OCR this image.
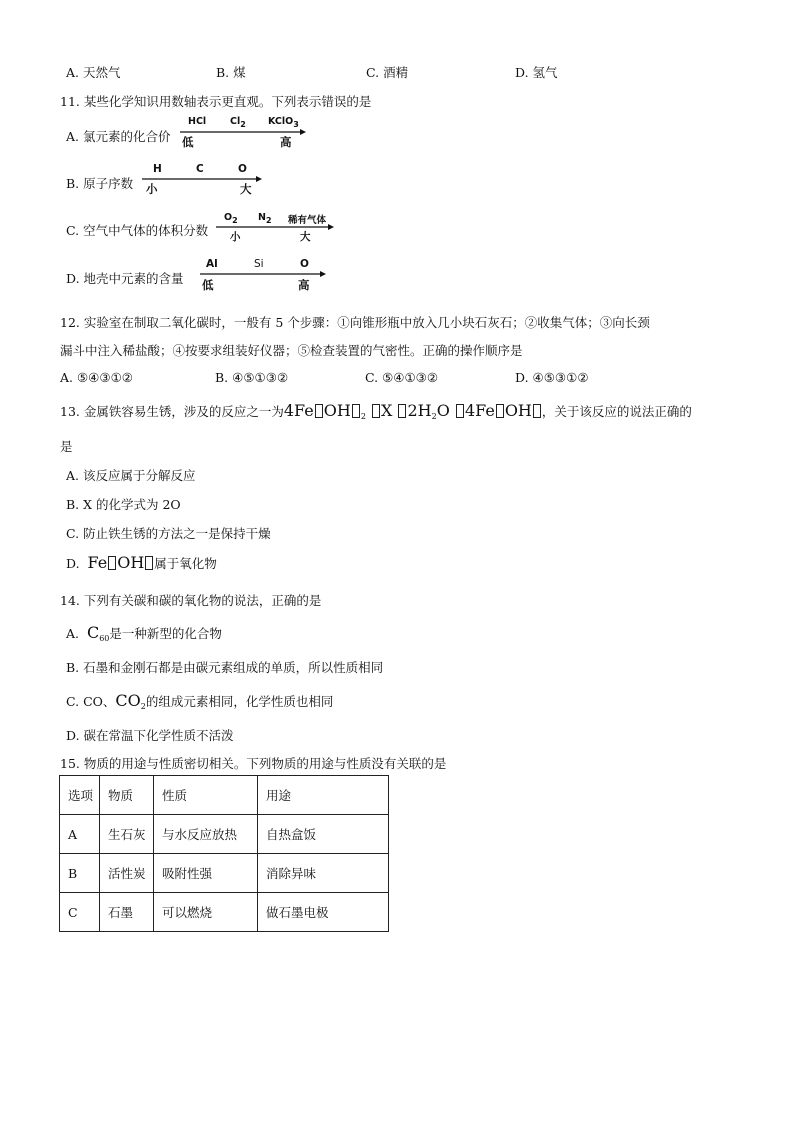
A. 天然气	B. 煤	C. 酒精	D. 氢气
11. 某些化学知识用数轴表示更直观。下列表示错误的是
A. 氯元素的化合价
HCl	$Cl_2$ KClO$_3$
低	高
B. 原子序数
H	C	O
小	大
C. 空气中气体的体积分数
$O_2$ $N_2$ 稀有气体
小	大
D. 地壳中元素的含量
Al	Si	O
低	高
12. 实验室在制取二氧化碳时，一般有 5 个步骤：①向锥形瓶中放入几小块石灰石；②收集气体；③向长颈
漏斗中注入稀盐酸；④按要求组装好仪器；⑤检查装置的气密性。正确的操作顺序是
A. ⑤④③①②	B. ④⑤①③②	C. ⑤④①③②	D. ④⑤③①②
13. 金属铁容易生锈，涉及的反应之一为4Fe OH $_2$ X $2H_2O$ 4Fe OH ，关于该反应的说法正确的
是
A. 该反应属于分解反应
B. X 的化学式为 2O
C. 防止铁生锈的方法之一是保持干燥
D. Fe OH 属于氧化物
14. 下列有关碳和碳的氧化物的说法，正确的是
A. $C_{60}$是一种新型的化合物
B. 石墨和金刚石都是由碳元素组成的单质，所以性质相同
C. CO、$CO_2$的组成元素相同，化学性质也相同
D. 碳在常温下化学性质不活泼
15. 物质的用途与性质密切相关。下列物质的用途与性质没有关联的是
选项	物质	性质	用途
A	生石灰	与水反应放热	自热盒饭
B	活性炭	吸附性强	消除异味
C	石墨	可以燃烧	做石墨电极
